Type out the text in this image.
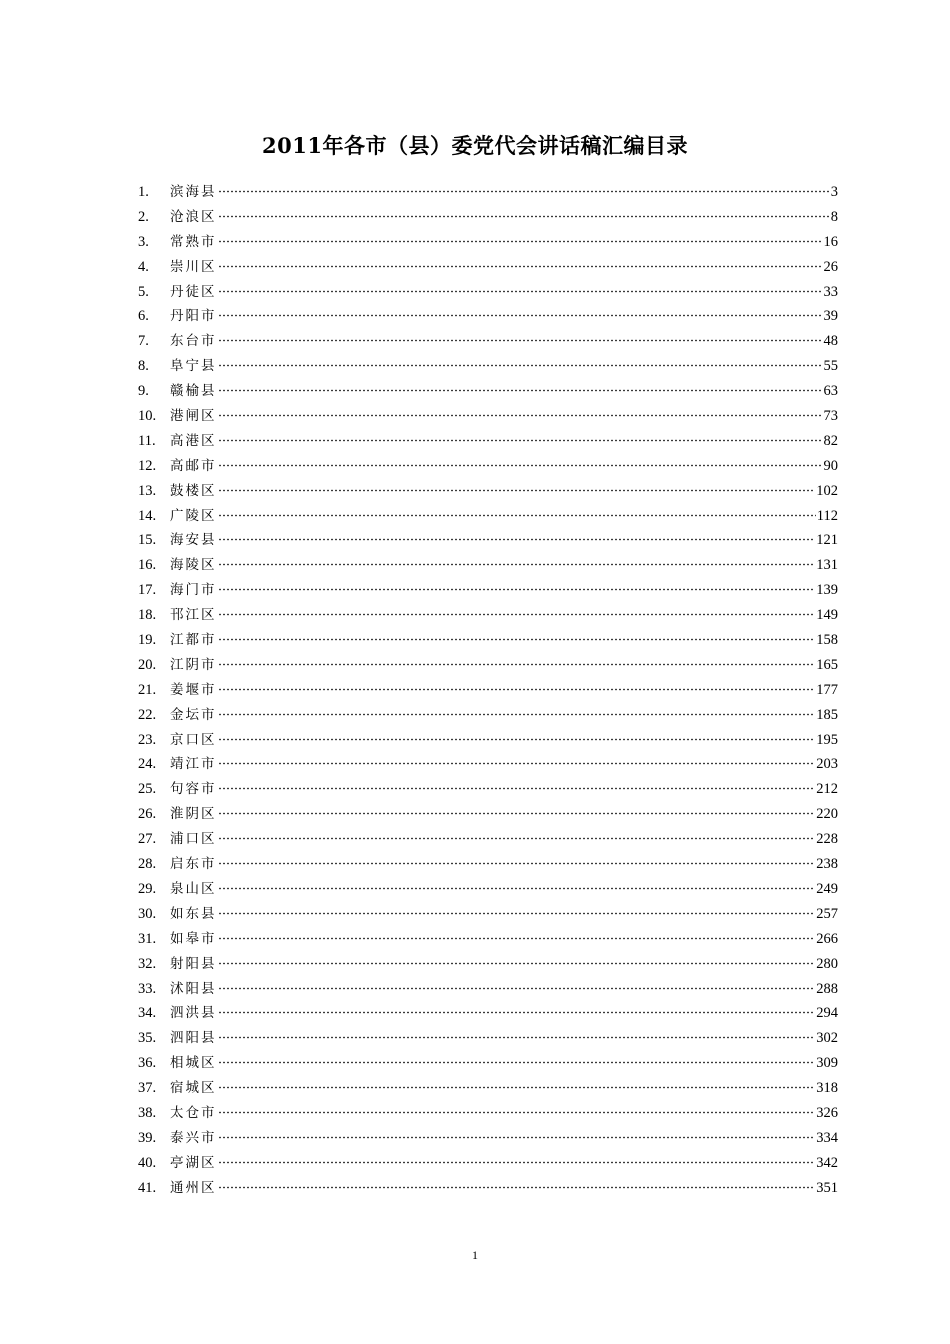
2011年各市（县）委党代会讲话稿汇编目录
1.	滨海县	3
2.	沧浪区	8
3.	常熟市	16
4.	崇川区	26
5.	丹徒区	33
6.	丹阳市	39
7.	东台市	48
8.	阜宁县	55
9.	赣榆县	63
10.	港闸区	73
11.	高港区	82
12.	高邮市	90
13.	鼓楼区	102
14.	广陵区	112
15.	海安县	121
16.	海陵区	131
17.	海门市	139
18.	邗江区	149
19.	江都市	158
20.	江阴市	165
21.	姜堰市	177
22.	金坛市	185
23.	京口区	195
24.	靖江市	203
25.	句容市	212
26.	淮阴区	220
27.	浦口区	228
28.	启东市	238
29.	泉山区	249
30.	如东县	257
31.	如皋市	266
32.	射阳县	280
33.	沭阳县	288
34.	泗洪县	294
35.	泗阳县	302
36.	相城区	309
37.	宿城区	318
38.	太仓市	326
39.	泰兴市	334
40.	亭湖区	342
41.	通州区	351
1
